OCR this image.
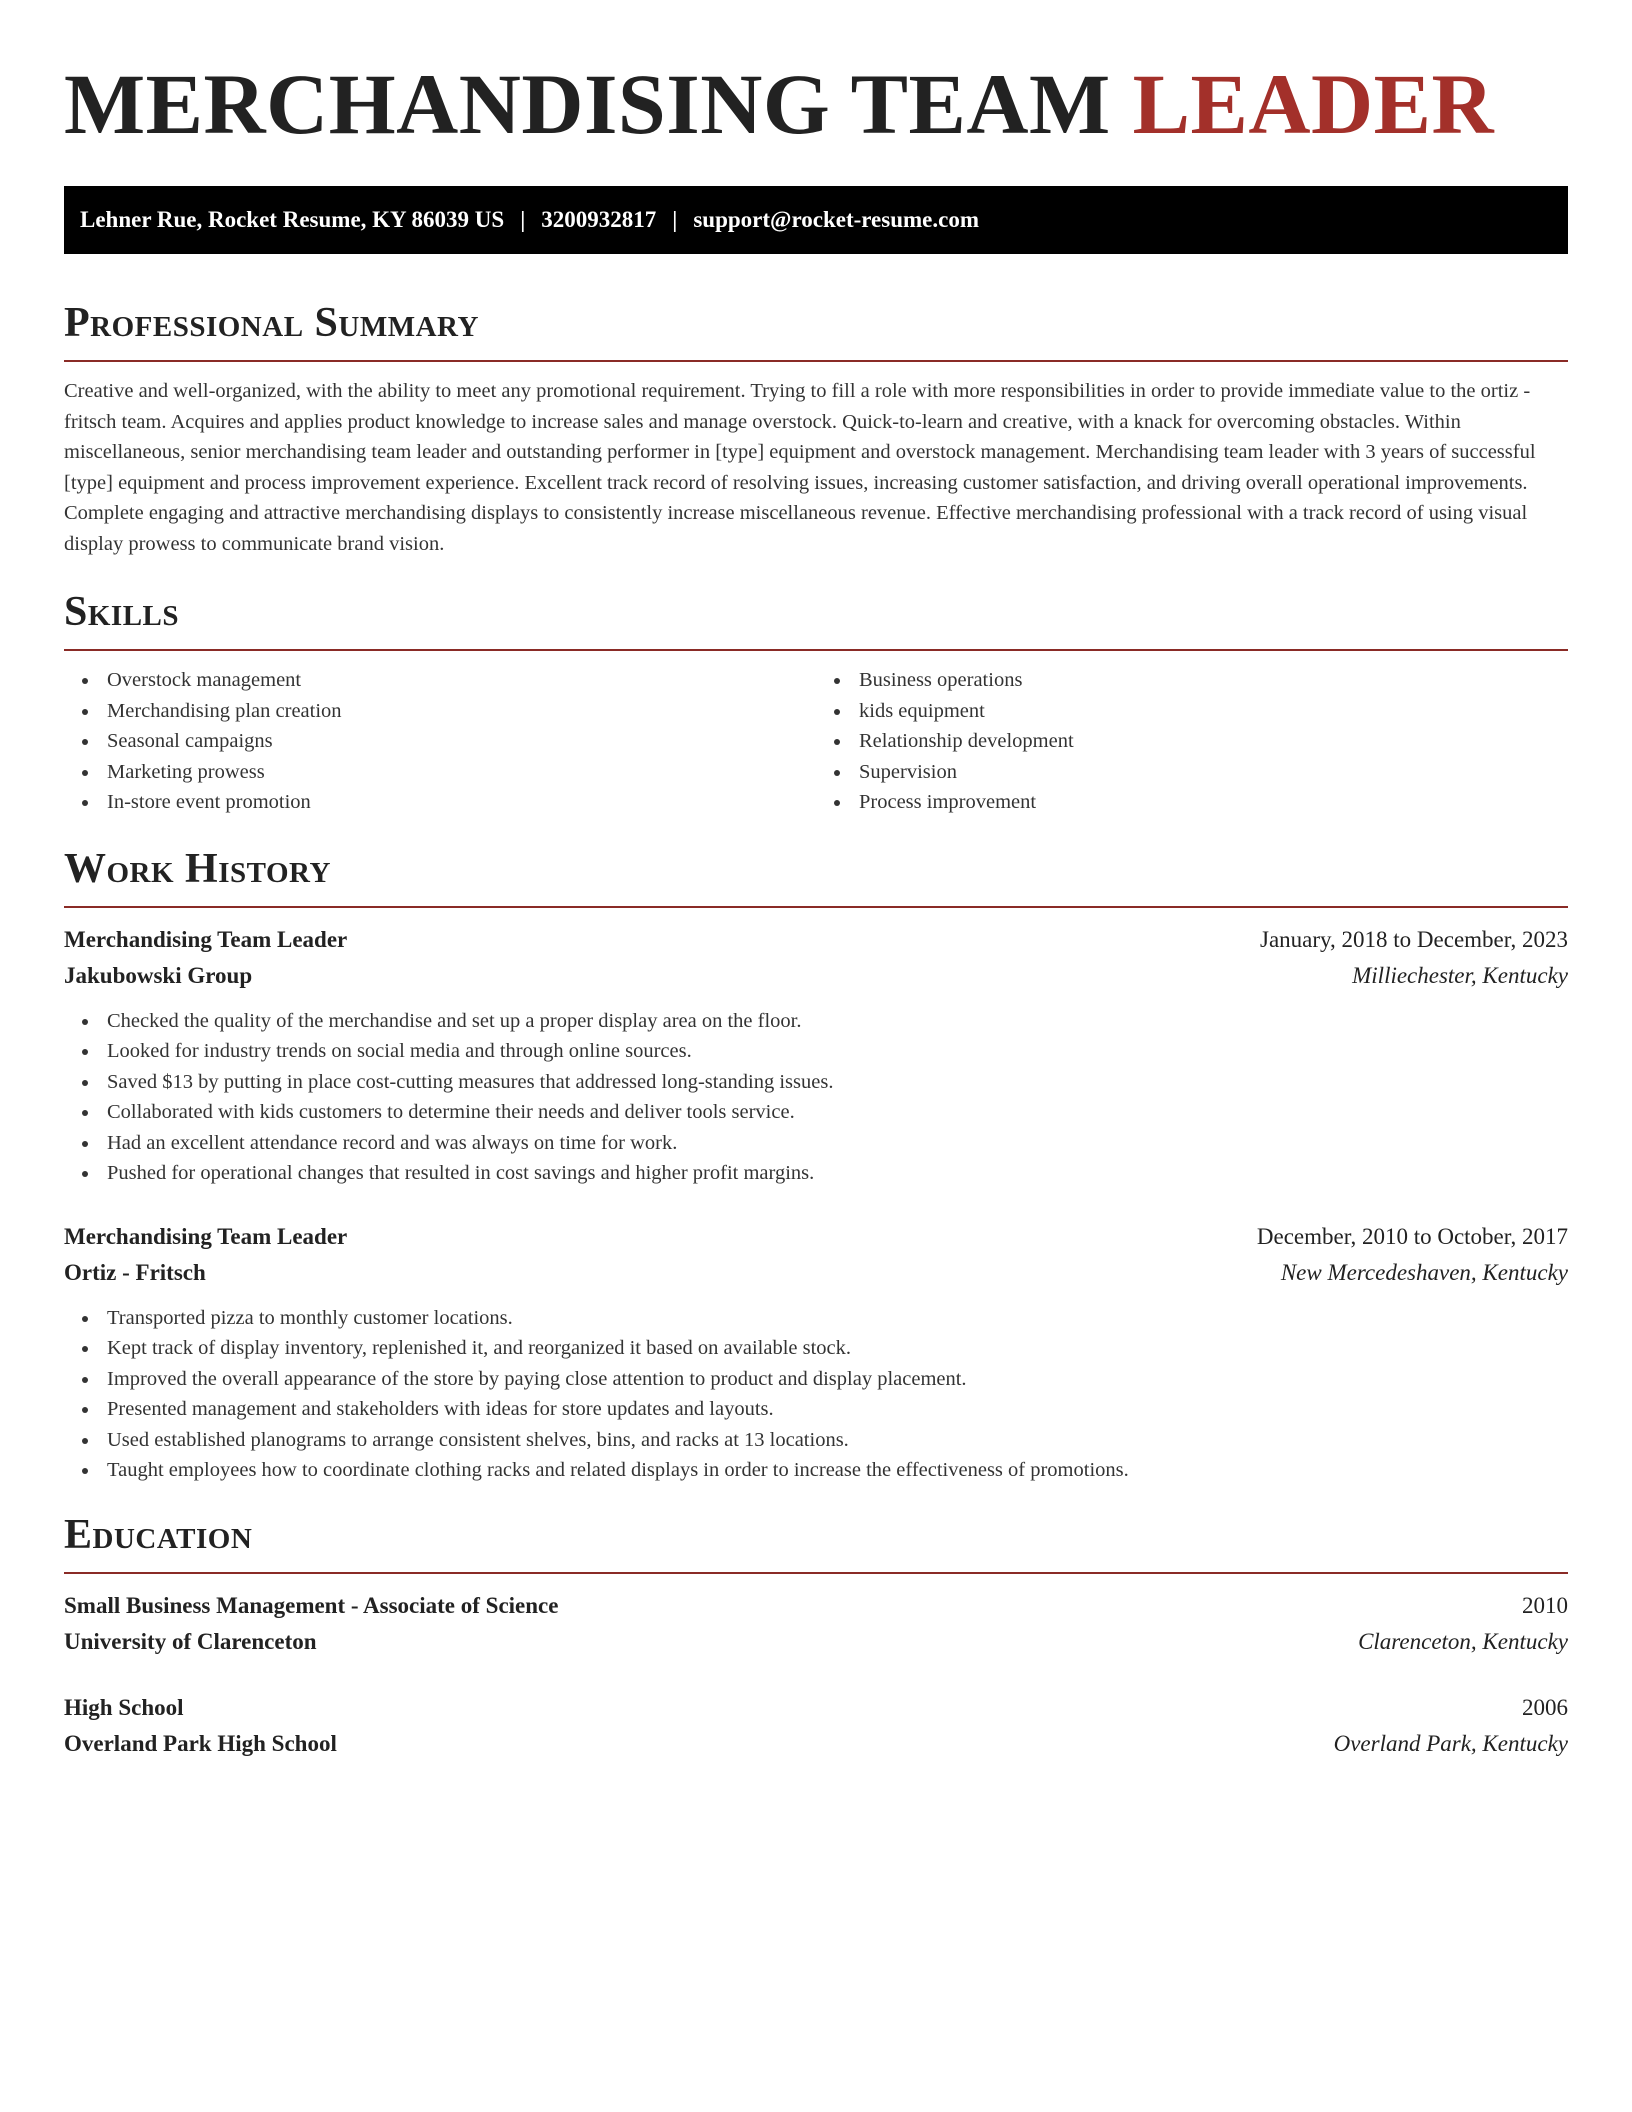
MERCHANDISING TEAM LEADER
Lehner Rue, Rocket Resume, KY 86039 US | 3200932817 | support@rocket-resume.com
Professional Summary

Creative and well-organized, with the ability to meet any promotional requirement. Trying to fill a role with more responsibilities in order to provide immediate value to the ortiz - fritsch team. Acquires and applies product knowledge to increase sales and manage overstock. Quick-to-learn and creative, with a knack for overcoming obstacles. Within miscellaneous, senior merchandising team leader and outstanding performer in [type] equipment and overstock management. Merchandising team leader with 3 years of successful [type] equipment and process improvement experience. Excellent track record of resolving issues, increasing customer satisfaction, and driving overall operational improvements. Complete engaging and attractive merchandising displays to consistently increase miscellaneous revenue. Effective merchandising professional with a track record of using visual display prowess to communicate brand vision.

Skills
Overstock management
Merchandising plan creation
Seasonal campaigns
Marketing prowess
In-store event promotion
Business operations
kids equipment
Relationship development
Supervision
Process improvement
Work History
Merchandising Team Leader	January, 2018 to December, 2023
Jakubowski Group	Milliechester, Kentucky
Checked the quality of the merchandise and set up a proper display area on the floor.
Looked for industry trends on social media and through online sources.
Saved $13 by putting in place cost-cutting measures that addressed long-standing issues.
Collaborated with kids customers to determine their needs and deliver tools service.
Had an excellent attendance record and was always on time for work.
Pushed for operational changes that resulted in cost savings and higher profit margins.
Merchandising Team Leader	December, 2010 to October, 2017
Ortiz - Fritsch	New Mercedeshaven, Kentucky
Transported pizza to monthly customer locations.
Kept track of display inventory, replenished it, and reorganized it based on available stock.
Improved the overall appearance of the store by paying close attention to product and display placement.
Presented management and stakeholders with ideas for store updates and layouts.
Used established planograms to arrange consistent shelves, bins, and racks at 13 locations.
Taught employees how to coordinate clothing racks and related displays in order to increase the effectiveness of promotions.
Education
Small Business Management - Associate of Science	2010
University of Clarenceton	Clarenceton, Kentucky
High School	2006
Overland Park High School	Overland Park, Kentucky
